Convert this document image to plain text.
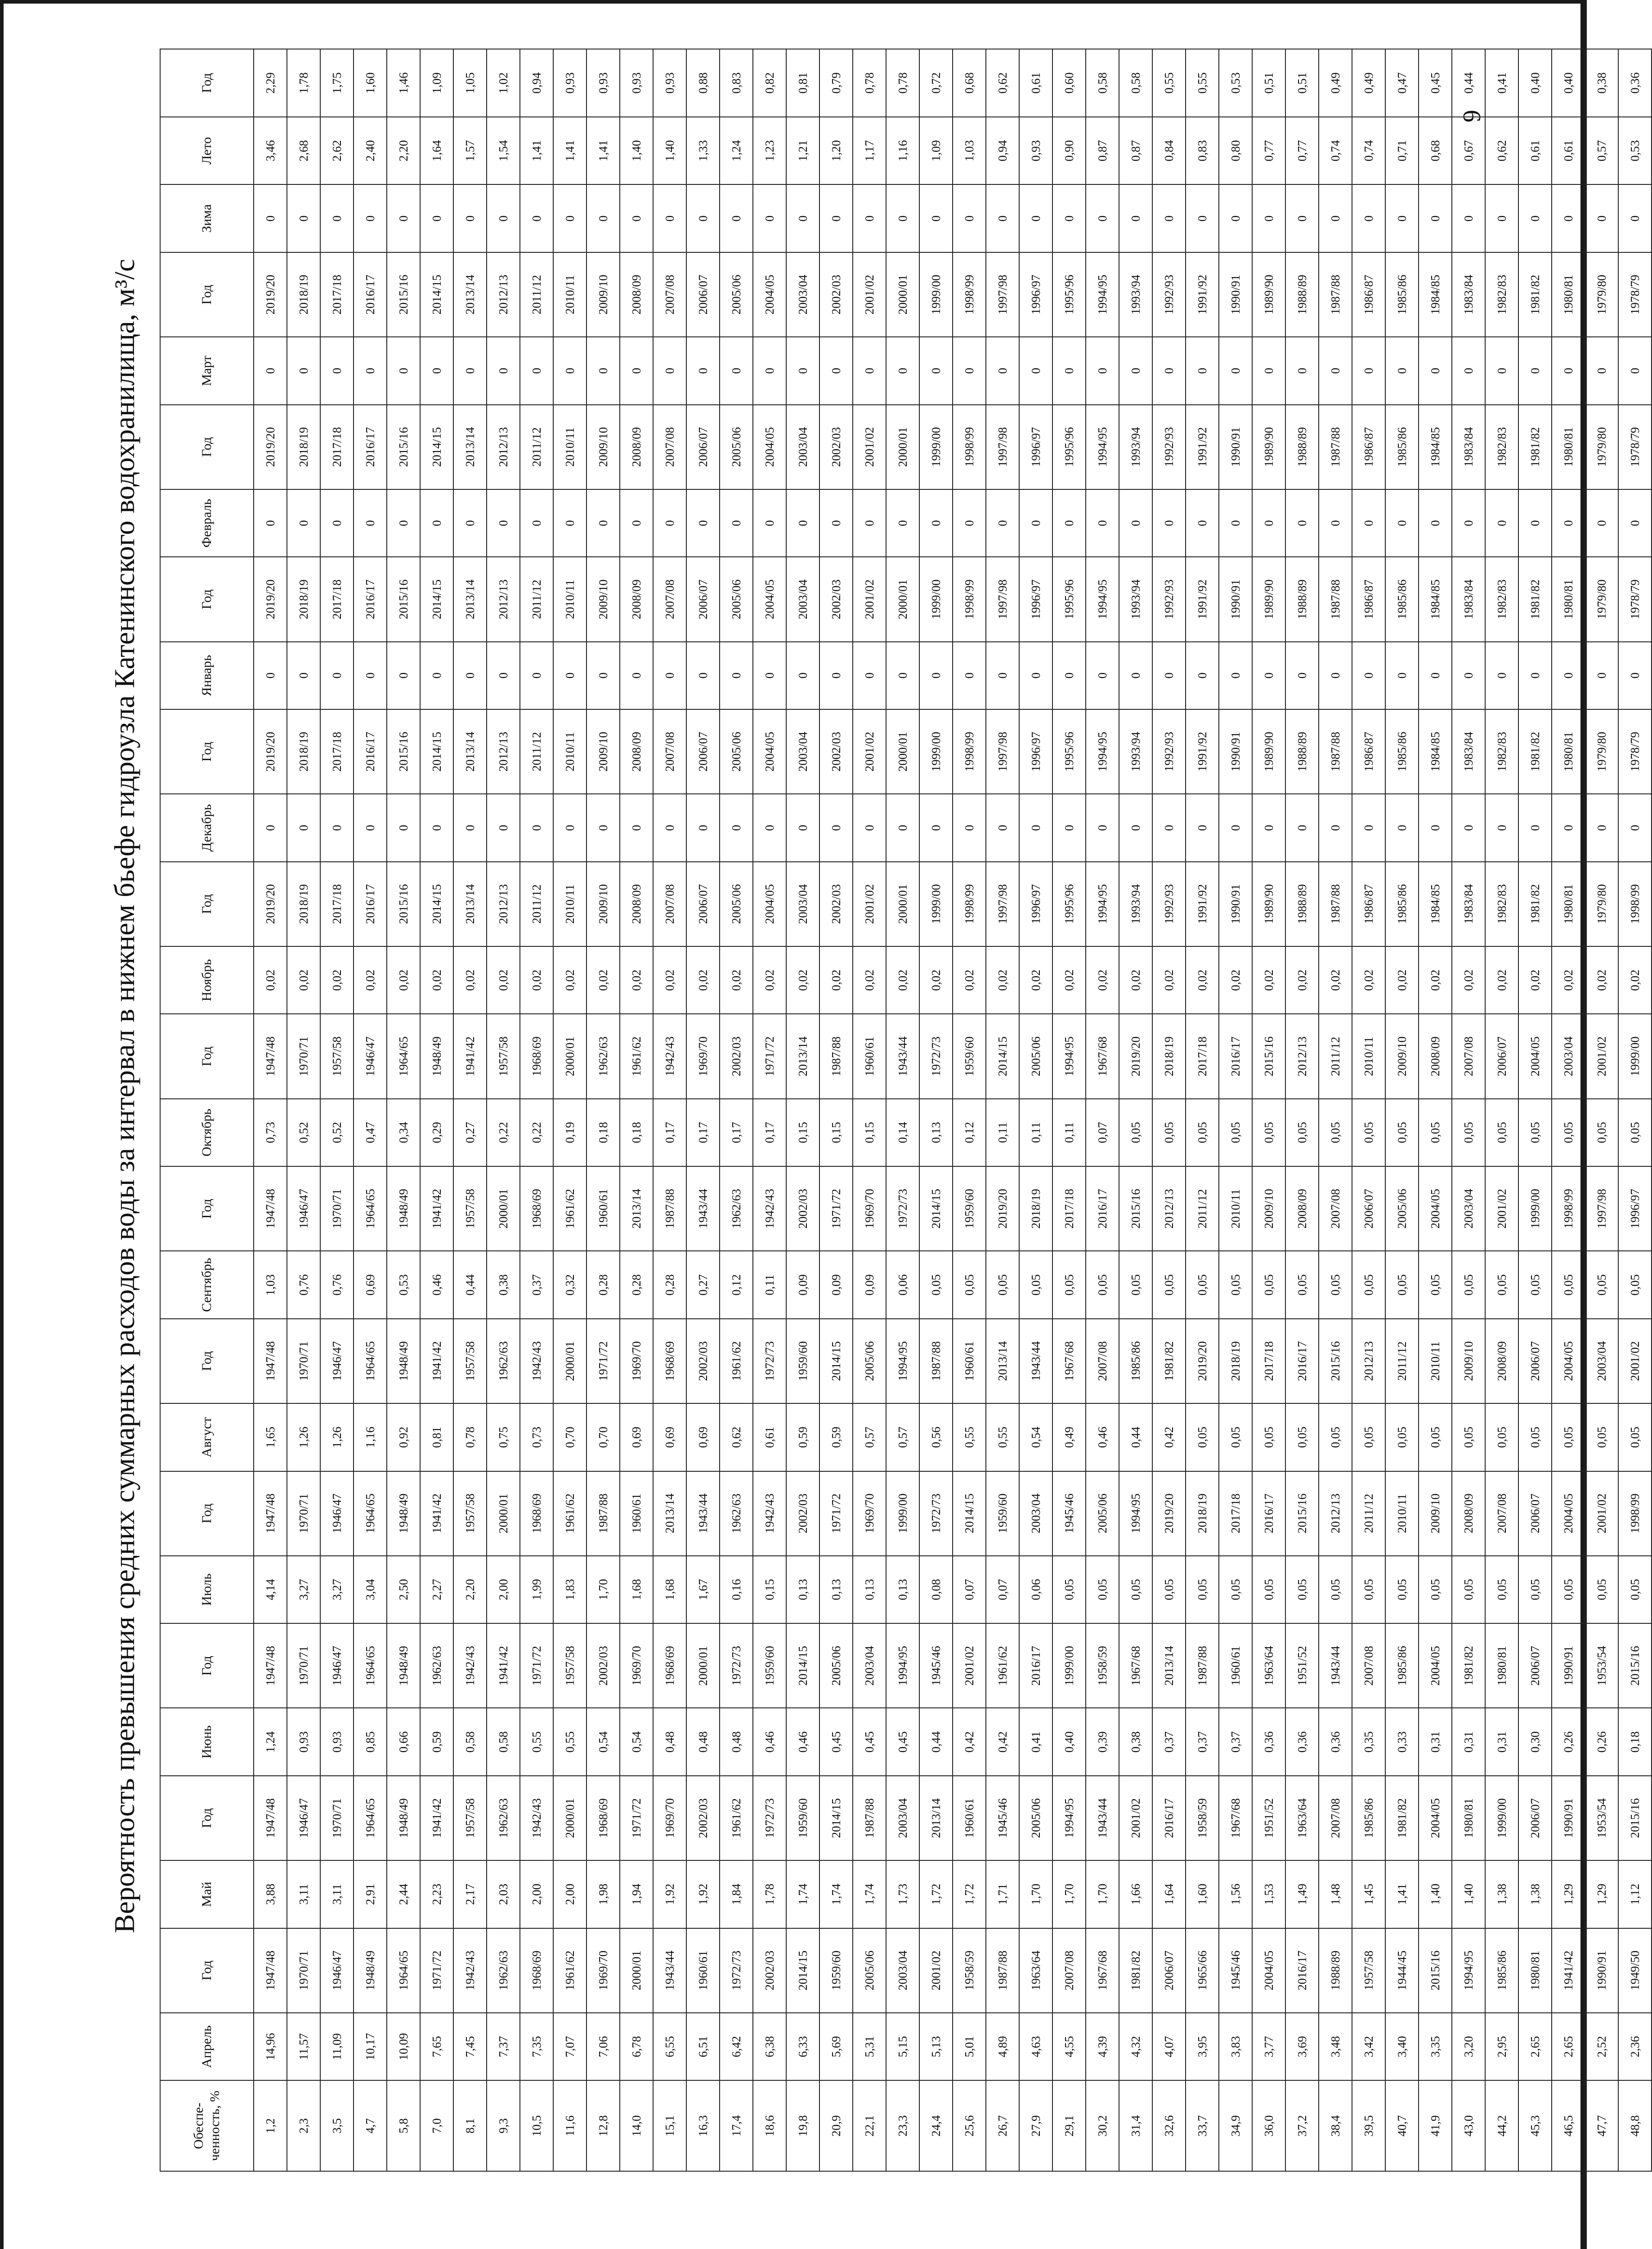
6
Вероятность превышения средних суммарных расходов воды за интервал в нижнем бьефе гидроузла Катенинского водохранилища, м³/с
Обеспе-ченность, %	Апрель	Год	Май	Год	Июнь	Год	Июль	Год	Август	Год	Сентябрь	Год	Октябрь	Год	Ноябрь	Год	Декабрь	Год	Январь	Год	Февраль	Год	Март	Год	Зима	Лето	Год
1,2	14,96	1947/48	3,88	1947/48	1,24	1947/48	4,14	1947/48	1,65	1947/48	1,03	1947/48	0,73	1947/48	0,02	2019/20	0	2019/20	0	2019/20	0	2019/20	0	2019/20	0	3,46	2,29
2,3	11,57	1970/71	3,11	1946/47	0,93	1970/71	3,27	1970/71	1,26	1970/71	0,76	1946/47	0,52	1970/71	0,02	2018/19	0	2018/19	0	2018/19	0	2018/19	0	2018/19	0	2,68	1,78
3,5	11,09	1946/47	3,11	1970/71	0,93	1946/47	3,27	1946/47	1,26	1946/47	0,76	1970/71	0,52	1957/58	0,02	2017/18	0	2017/18	0	2017/18	0	2017/18	0	2017/18	0	2,62	1,75
4,7	10,17	1948/49	2,91	1964/65	0,85	1964/65	3,04	1964/65	1,16	1964/65	0,69	1964/65	0,47	1946/47	0,02	2016/17	0	2016/17	0	2016/17	0	2016/17	0	2016/17	0	2,40	1,60
5,8	10,09	1964/65	2,44	1948/49	0,66	1948/49	2,50	1948/49	0,92	1948/49	0,53	1948/49	0,34	1964/65	0,02	2015/16	0	2015/16	0	2015/16	0	2015/16	0	2015/16	0	2,20	1,46
7,0	7,65	1971/72	2,23	1941/42	0,59	1962/63	2,27	1941/42	0,81	1941/42	0,46	1941/42	0,29	1948/49	0,02	2014/15	0	2014/15	0	2014/15	0	2014/15	0	2014/15	0	1,64	1,09
8,1	7,45	1942/43	2,17	1957/58	0,58	1942/43	2,20	1957/58	0,78	1957/58	0,44	1957/58	0,27	1941/42	0,02	2013/14	0	2013/14	0	2013/14	0	2013/14	0	2013/14	0	1,57	1,05
9,3	7,37	1962/63	2,03	1962/63	0,58	1941/42	2,00	2000/01	0,75	1962/63	0,38	2000/01	0,22	1957/58	0,02	2012/13	0	2012/13	0	2012/13	0	2012/13	0	2012/13	0	1,54	1,02
10,5	7,35	1968/69	2,00	1942/43	0,55	1971/72	1,99	1968/69	0,73	1942/43	0,37	1968/69	0,22	1968/69	0,02	2011/12	0	2011/12	0	2011/12	0	2011/12	0	2011/12	0	1,41	0,94
11,6	7,07	1961/62	2,00	2000/01	0,55	1957/58	1,83	1961/62	0,70	2000/01	0,32	1961/62	0,19	2000/01	0,02	2010/11	0	2010/11	0	2010/11	0	2010/11	0	2010/11	0	1,41	0,93
12,8	7,06	1969/70	1,98	1968/69	0,54	2002/03	1,70	1987/88	0,70	1971/72	0,28	1960/61	0,18	1962/63	0,02	2009/10	0	2009/10	0	2009/10	0	2009/10	0	2009/10	0	1,41	0,93
14,0	6,78	2000/01	1,94	1971/72	0,54	1969/70	1,68	1960/61	0,69	1969/70	0,28	2013/14	0,18	1961/62	0,02	2008/09	0	2008/09	0	2008/09	0	2008/09	0	2008/09	0	1,40	0,93
15,1	6,55	1943/44	1,92	1969/70	0,48	1968/69	1,68	2013/14	0,69	1968/69	0,28	1987/88	0,17	1942/43	0,02	2007/08	0	2007/08	0	2007/08	0	2007/08	0	2007/08	0	1,40	0,93
16,3	6,51	1960/61	1,92	2002/03	0,48	2000/01	1,67	1943/44	0,69	2002/03	0,27	1943/44	0,17	1969/70	0,02	2006/07	0	2006/07	0	2006/07	0	2006/07	0	2006/07	0	1,33	0,88
17,4	6,42	1972/73	1,84	1961/62	0,48	1972/73	0,16	1962/63	0,62	1961/62	0,12	1962/63	0,17	2002/03	0,02	2005/06	0	2005/06	0	2005/06	0	2005/06	0	2005/06	0	1,24	0,83
18,6	6,38	2002/03	1,78	1972/73	0,46	1959/60	0,15	1942/43	0,61	1972/73	0,11	1942/43	0,17	1971/72	0,02	2004/05	0	2004/05	0	2004/05	0	2004/05	0	2004/05	0	1,23	0,82
19,8	6,33	2014/15	1,74	1959/60	0,46	2014/15	0,13	2002/03	0,59	1959/60	0,09	2002/03	0,15	2013/14	0,02	2003/04	0	2003/04	0	2003/04	0	2003/04	0	2003/04	0	1,21	0,81
20,9	5,69	1959/60	1,74	2014/15	0,45	2005/06	0,13	1971/72	0,59	2014/15	0,09	1971/72	0,15	1987/88	0,02	2002/03	0	2002/03	0	2002/03	0	2002/03	0	2002/03	0	1,20	0,79
22,1	5,31	2005/06	1,74	1987/88	0,45	2003/04	0,13	1969/70	0,57	2005/06	0,09	1969/70	0,15	1960/61	0,02	2001/02	0	2001/02	0	2001/02	0	2001/02	0	2001/02	0	1,17	0,78
23,3	5,15	2003/04	1,73	2003/04	0,45	1994/95	0,13	1999/00	0,57	1994/95	0,06	1972/73	0,14	1943/44	0,02	2000/01	0	2000/01	0	2000/01	0	2000/01	0	2000/01	0	1,16	0,78
24,4	5,13	2001/02	1,72	2013/14	0,44	1945/46	0,08	1972/73	0,56	1987/88	0,05	2014/15	0,13	1972/73	0,02	1999/00	0	1999/00	0	1999/00	0	1999/00	0	1999/00	0	1,09	0,72
25,6	5,01	1958/59	1,72	1960/61	0,42	2001/02	0,07	2014/15	0,55	1960/61	0,05	1959/60	0,12	1959/60	0,02	1998/99	0	1998/99	0	1998/99	0	1998/99	0	1998/99	0	1,03	0,68
26,7	4,89	1987/88	1,71	1945/46	0,42	1961/62	0,07	1959/60	0,55	2013/14	0,05	2019/20	0,11	2014/15	0,02	1997/98	0	1997/98	0	1997/98	0	1997/98	0	1997/98	0	0,94	0,62
27,9	4,63	1963/64	1,70	2005/06	0,41	2016/17	0,06	2003/04	0,54	1943/44	0,05	2018/19	0,11	2005/06	0,02	1996/97	0	1996/97	0	1996/97	0	1996/97	0	1996/97	0	0,93	0,61
29,1	4,55	2007/08	1,70	1994/95	0,40	1999/00	0,05	1945/46	0,49	1967/68	0,05	2017/18	0,11	1994/95	0,02	1995/96	0	1995/96	0	1995/96	0	1995/96	0	1995/96	0	0,90	0,60
30,2	4,39	1967/68	1,70	1943/44	0,39	1958/59	0,05	2005/06	0,46	2007/08	0,05	2016/17	0,07	1967/68	0,02	1994/95	0	1994/95	0	1994/95	0	1994/95	0	1994/95	0	0,87	0,58
31,4	4,32	1981/82	1,66	2001/02	0,38	1967/68	0,05	1994/95	0,44	1985/86	0,05	2015/16	0,05	2019/20	0,02	1993/94	0	1993/94	0	1993/94	0	1993/94	0	1993/94	0	0,87	0,58
32,6	4,07	2006/07	1,64	2016/17	0,37	2013/14	0,05	2019/20	0,42	1981/82	0,05	2012/13	0,05	2018/19	0,02	1992/93	0	1992/93	0	1992/93	0	1992/93	0	1992/93	0	0,84	0,55
33,7	3,95	1965/66	1,60	1958/59	0,37	1987/88	0,05	2018/19	0,05	2019/20	0,05	2011/12	0,05	2017/18	0,02	1991/92	0	1991/92	0	1991/92	0	1991/92	0	1991/92	0	0,83	0,55
34,9	3,83	1945/46	1,56	1967/68	0,37	1960/61	0,05	2017/18	0,05	2018/19	0,05	2010/11	0,05	2016/17	0,02	1990/91	0	1990/91	0	1990/91	0	1990/91	0	1990/91	0	0,80	0,53
36,0	3,77	2004/05	1,53	1951/52	0,36	1963/64	0,05	2016/17	0,05	2017/18	0,05	2009/10	0,05	2015/16	0,02	1989/90	0	1989/90	0	1989/90	0	1989/90	0	1989/90	0	0,77	0,51
37,2	3,69	2016/17	1,49	1963/64	0,36	1951/52	0,05	2015/16	0,05	2016/17	0,05	2008/09	0,05	2012/13	0,02	1988/89	0	1988/89	0	1988/89	0	1988/89	0	1988/89	0	0,77	0,51
38,4	3,48	1988/89	1,48	2007/08	0,36	1943/44	0,05	2012/13	0,05	2015/16	0,05	2007/08	0,05	2011/12	0,02	1987/88	0	1987/88	0	1987/88	0	1987/88	0	1987/88	0	0,74	0,49
39,5	3,42	1957/58	1,45	1985/86	0,35	2007/08	0,05	2011/12	0,05	2012/13	0,05	2006/07	0,05	2010/11	0,02	1986/87	0	1986/87	0	1986/87	0	1986/87	0	1986/87	0	0,74	0,49
40,7	3,40	1944/45	1,41	1981/82	0,33	1985/86	0,05	2010/11	0,05	2011/12	0,05	2005/06	0,05	2009/10	0,02	1985/86	0	1985/86	0	1985/86	0	1985/86	0	1985/86	0	0,71	0,47
41,9	3,35	2015/16	1,40	2004/05	0,31	2004/05	0,05	2009/10	0,05	2010/11	0,05	2004/05	0,05	2008/09	0,02	1984/85	0	1984/85	0	1984/85	0	1984/85	0	1984/85	0	0,68	0,45
43,0	3,20	1994/95	1,40	1980/81	0,31	1981/82	0,05	2008/09	0,05	2009/10	0,05	2003/04	0,05	2007/08	0,02	1983/84	0	1983/84	0	1983/84	0	1983/84	0	1983/84	0	0,67	0,44
44,2	2,95	1985/86	1,38	1999/00	0,31	1980/81	0,05	2007/08	0,05	2008/09	0,05	2001/02	0,05	2006/07	0,02	1982/83	0	1982/83	0	1982/83	0	1982/83	0	1982/83	0	0,62	0,41
45,3	2,65	1980/81	1,38	2006/07	0,30	2006/07	0,05	2006/07	0,05	2006/07	0,05	1999/00	0,05	2004/05	0,02	1981/82	0	1981/82	0	1981/82	0	1981/82	0	1981/82	0	0,61	0,40
46,5	2,65	1941/42	1,29	1990/91	0,26	1990/91	0,05	2004/05	0,05	2004/05	0,05	1998/99	0,05	2003/04	0,02	1980/81	0	1980/81	0	1980/81	0	1980/81	0	1980/81	0	0,61	0,40
47,7	2,52	1990/91	1,29	1953/54	0,26	1953/54	0,05	2001/02	0,05	2003/04	0,05	1997/98	0,05	2001/02	0,02	1979/80	0	1979/80	0	1979/80	0	1979/80	0	1979/80	0	0,57	0,38
48,8	2,36	1949/50	1,12	2015/16	0,18	2015/16	0,05	1998/99	0,05	2001/02	0,05	1996/97	0,05	1999/00	0,02	1998/99	0	1978/79	0	1978/79	0	1978/79	0	1978/79	0	0,53	0,36
